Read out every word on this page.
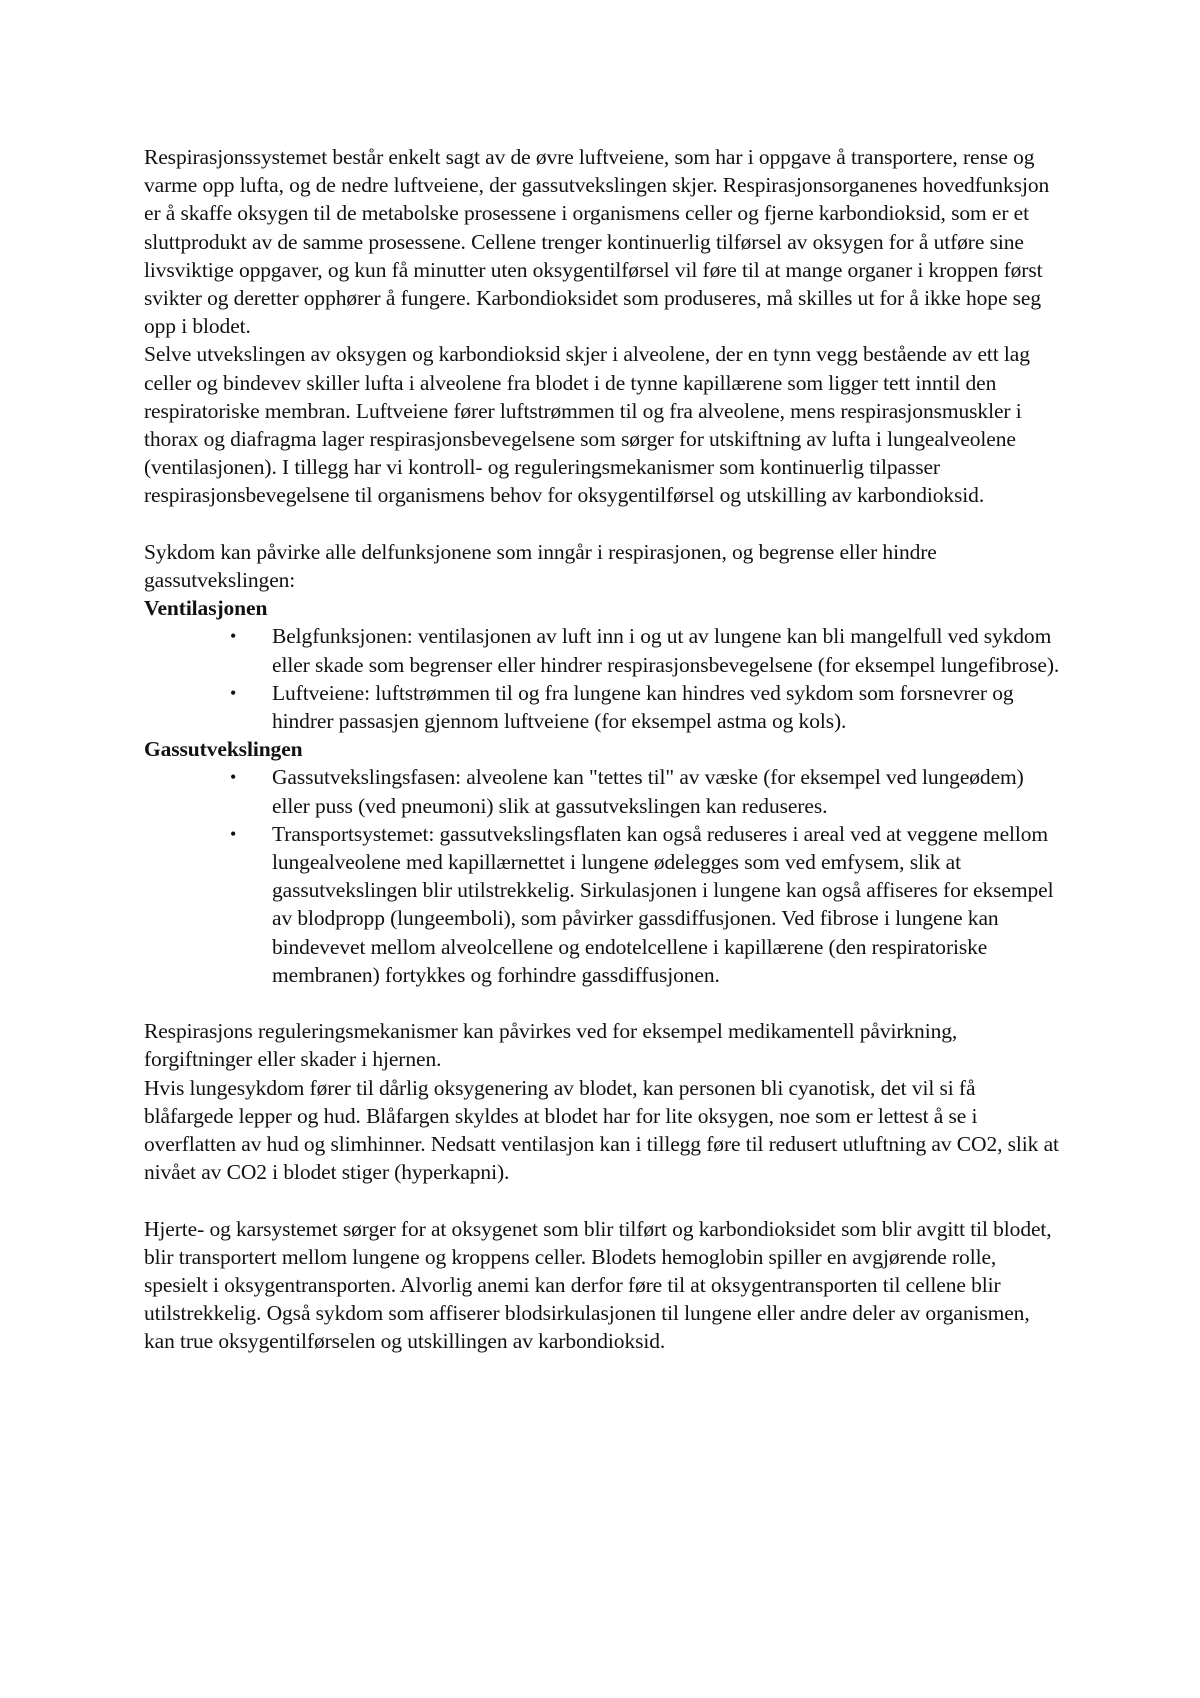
Respirasjonssystemet består enkelt sagt av de øvre luftveiene, som har i oppgave å transportere, rense og varme opp lufta, og de nedre luftveiene, der gassutvekslingen skjer. Respirasjonsorganenes hovedfunksjon er å skaffe oksygen til de metabolske prosessene i organismens celler og fjerne karbondioksid, som er et sluttprodukt av de samme prosessene. Cellene trenger kontinuerlig tilførsel av oksygen for å utføre sine livsviktige oppgaver, og kun få minutter uten oksygentilførsel vil føre til at mange organer i kroppen først svikter og deretter opphører å fungere. Karbondioksidet som produseres, må skilles ut for å ikke hope seg opp i blodet.

Selve utvekslingen av oksygen og karbondioksid skjer i alveolene, der en tynn vegg bestående av ett lag celler og bindevev skiller lufta i alveolene fra blodet i de tynne kapillærene som ligger tett inntil den respiratoriske membran. Luftveiene fører luftstrømmen til og fra alveolene, mens respirasjonsmuskler i thorax og diafragma lager respirasjonsbevegelsene som sørger for utskiftning av lufta i lungealveolene (ventilasjonen). I tillegg har vi kontroll- og reguleringsmekanismer som kontinuerlig tilpasser respirasjonsbevegelsene til organismens behov for oksygentilførsel og utskilling av karbondioksid.

Sykdom kan påvirke alle delfunksjonene som inngår i respirasjonen, og begrense eller hindre gassutvekslingen:

Ventilasjonen

• Belgfunksjonen: ventilasjonen av luft inn i og ut av lungene kan bli mangelfull ved sykdom eller skade som begrenser eller hindrer respirasjonsbevegelsene (for eksempel lungefibrose).
• Luftveiene: luftstrømmen til og fra lungene kan hindres ved sykdom som forsnevrer og hindrer passasjen gjennom luftveiene (for eksempel astma og kols).

Gassutvekslingen

• Gassutvekslingsfasen: alveolene kan "tettes til" av væske (for eksempel ved lungeødem) eller puss (ved pneumoni) slik at gassutvekslingen kan reduseres.
• Transportsystemet: gassutvekslingsflaten kan også reduseres i areal ved at veggene mellom lungealveolene med kapillærnettet i lungene ødelegges som ved emfysem, slik at gassutvekslingen blir utilstrekkelig. Sirkulasjonen i lungene kan også affiseres for eksempel av blodpropp (lungeemboli), som påvirker gassdiffusjonen. Ved fibrose i lungene kan bindevevet mellom alveolcellene og endotelcellene i kapillærene (den respiratoriske membranen) fortykkes og forhindre gassdiffusjonen.

Respirasjons reguleringsmekanismer kan påvirkes ved for eksempel medikamentell påvirkning, forgiftninger eller skader i hjernen.

Hvis lungesykdom fører til dårlig oksygenering av blodet, kan personen bli cyanotisk, det vil si få blåfargede lepper og hud. Blåfargen skyldes at blodet har for lite oksygen, noe som er lettest å se i overflatten av hud og slimhinner. Nedsatt ventilasjon kan i tillegg føre til redusert utluftning av CO2, slik at nivået av CO2 i blodet stiger (hyperkapni).

Hjerte- og karsystemet sørger for at oksygenet som blir tilført og karbondioksidet som blir avgitt til blodet, blir transportert mellom lungene og kroppens celler. Blodets hemoglobin spiller en avgjørende rolle, spesielt i oksygentransporten. Alvorlig anemi kan derfor føre til at oksygentransporten til cellene blir utilstrekkelig. Også sykdom som affiserer blodsirkulasjonen til lungene eller andre deler av organismen, kan true oksygentilførselen og utskillingen av karbondioksid.
